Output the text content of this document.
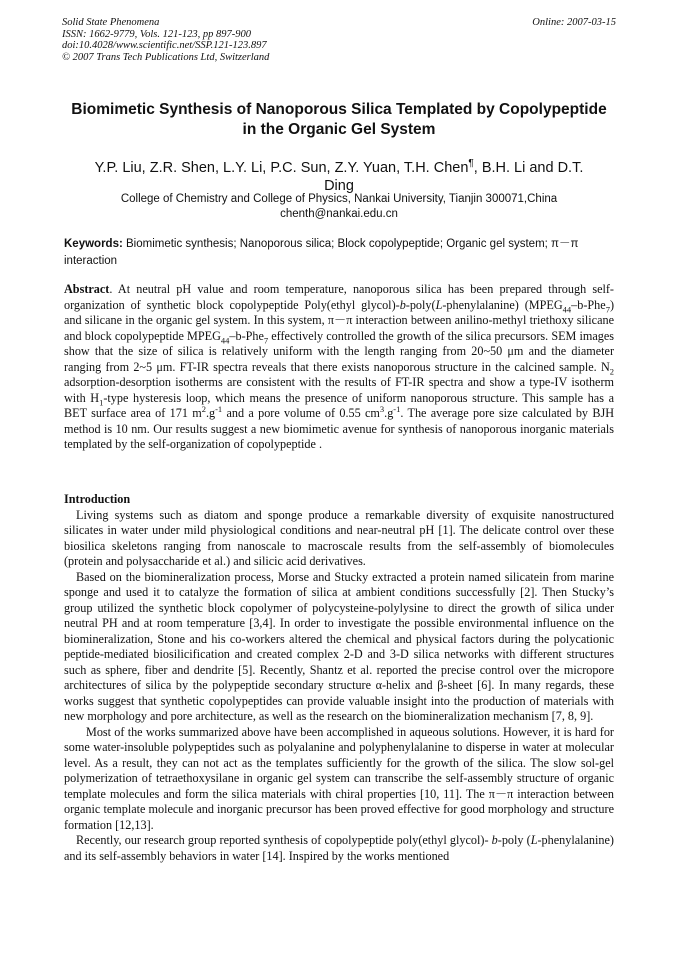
Solid State Phenomena
ISSN: 1662-9779, Vols. 121-123, pp 897-900
doi:10.4028/www.scientific.net/SSP.121-123.897
© 2007 Trans Tech Publications Ltd, Switzerland
Online: 2007-03-15
Biomimetic Synthesis of Nanoporous Silica Templated by Copolypeptide
in the Organic Gel System
Y.P. Liu, Z.R. Shen, L.Y. Li, P.C. Sun, Z.Y. Yuan, T.H. Chen¶, B.H. Li and D.T.
Ding
College of Chemistry and College of Physics, Nankai University, Tianjin 300071,China
chenth@nankai.edu.cn
Keywords: Biomimetic synthesis; Nanoporous silica; Block copolypeptide; Organic gel system; π－π interaction

Abstract. At neutral pH value and room temperature, nanoporous silica has been prepared through self-organization of synthetic block copolypeptide Poly(ethyl glycol)-b-poly(L-phenylalanine) $(MPEG_{44}-b-Phe_7)$ and silicane in the organic gel system. In this system, π－π interaction between anilino-methyl triethoxy silicane and block copolypeptide $MPEG_{44}-b-Phe_7$ effectively controlled the growth of the silica precursors. SEM images show that the size of silica is relatively uniform with the length ranging from 20~50 μm and the diameter ranging from 2~5 μm. FT-IR spectra reveals that there exists nanoporous structure in the calcined sample. $N_2$ adsorption-desorption isotherms are consistent with the results of FT-IR spectra and show a type-IV isotherm with $H_1$-type hysteresis loop, which means the presence of uniform nanoporous structure. This sample has a BET surface area of 171 $m^2.g^{-1}$ and a pore volume of 0.55 $cm^3.g^{-1}$. The average pore size calculated by BJH method is 10 nm. Our results suggest a new biomimetic avenue for synthesis of nanoporous inorganic materials templated by the self-organization of copolypeptide .

Introduction

Living systems such as diatom and sponge produce a remarkable diversity of exquisite nanostructured silicates in water under mild physiological conditions and near-neutral pH [1]. The delicate control over these biosilica skeletons ranging from nanoscale to macroscale results from the self-assembly of biomolecules (protein and polysaccharide et al.) and silicic acid derivatives.

Based on the biomineralization process, Morse and Stucky extracted a protein named silicatein from marine sponge and used it to catalyze the formation of silica at ambient conditions successfully [2]. Then Stucky’s group utilized the synthetic block copolymer of polycysteine-polylysine to direct the growth of silica under neutral PH and at room temperature [3,4]. In order to investigate the possible environmental influence on the biomineralization, Stone and his co-workers altered the chemical and physical factors during the polycationic peptide-mediated biosilicification and created complex 2-D and 3-D silica networks with different structures such as sphere, fiber and dendrite [5]. Recently, Shantz et al. reported the precise control over the micropore architectures of silica by the polypeptide secondary structure α-helix and β-sheet [6]. In many regards, these works suggest that synthetic copolypeptides can provide valuable insight into the production of materials with new morphology and pore architecture, as well as the research on the biomineralization mechanism [7, 8, 9].

Most of the works summarized above have been accomplished in aqueous solutions. However, it is hard for some water-insoluble polypeptides such as polyalanine and polyphenylalanine to disperse in water at molecular level. As a result, they can not act as the templates sufficiently for the growth of the silica. The slow sol-gel polymerization of tetraethoxysilane in organic gel system can transcribe the self-assembly structure of organic template molecules and form the silica materials with chiral properties [10, 11]. The π－π interaction between organic template molecule and inorganic precursor has been proved effective for good morphology and structure formation [12,13].

Recently, our research group reported synthesis of copolypeptide poly(ethyl glycol)- b-poly (L-phenylalanine) and its self-assembly behaviors in water [14]. Inspired by the works mentioned
